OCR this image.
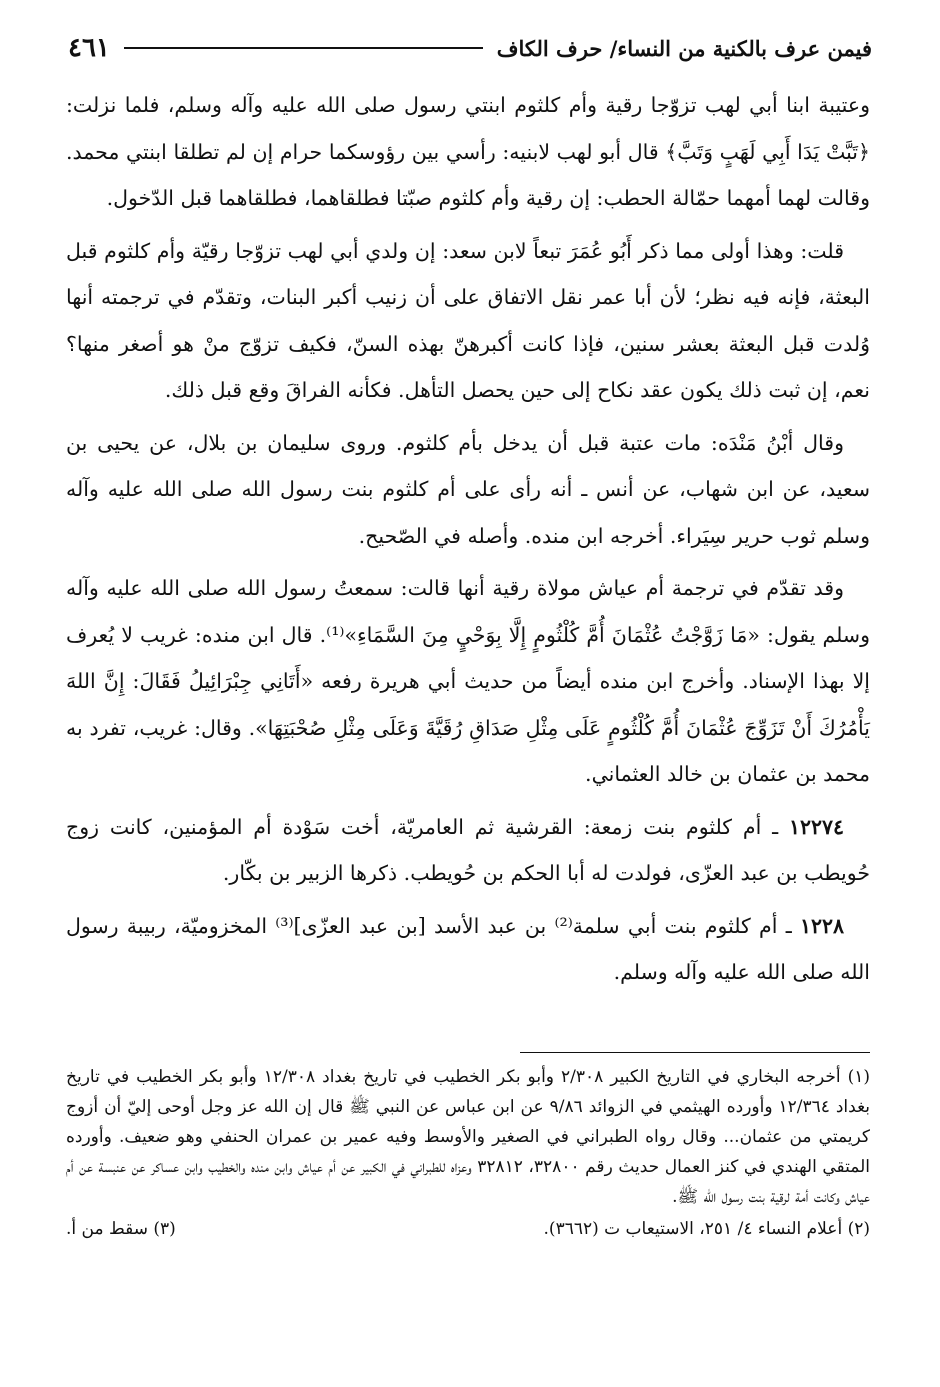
فيمن عرف بالكنية من النساء/ حرف الكاف
٤٦١

وعتيبة ابنا أبي لهب تزوّجا رقية وأم كلثوم ابنتي رسول صلى الله عليه وآله وسلم، فلما نزلت: ﴿تَبَّتْ يَدَا أَبِي لَهَبٍ وَتَبَّ﴾ قال أبو لهب لابنيه: رأسي بين رؤوسكما حرام إن لم تطلقا ابنتي محمد. وقالت لهما أمهما حمّالة الحطب: إن رقية وأم كلثوم صبّتا فطلقاهما، فطلقاهما قبل الدّخول.

قلت: وهذا أولى مما ذكر أَبُو عُمَرَ تبعاً لابن سعد: إن ولدي أبي لهب تزوّجا رقيّة وأم كلثوم قبل البعثة، فإنه فيه نظر؛ لأن أبا عمر نقل الاتفاق على أن زنيب أكبر البنات، وتقدّم في ترجمته أنها وُلدت قبل البعثة بعشر سنين، فإذا كانت أكبرهنّ بهذه السنّ، فكيف تزوّج منْ هو أصغر منها؟ نعم، إن ثبت ذلك يكون عقد نكاح إلى حين يحصل التأهل. فكأنه الفراقَ وقع قبل ذلك.

وقال أبْنُ مَنْدَه: مات عتبة قبل أن يدخل بأم كلثوم. وروى سليمان بن بلال، عن يحيى بن سعيد، عن ابن شهاب، عن أنس ـ أنه رأى على أم كلثوم بنت رسول الله صلى الله عليه وآله وسلم ثوب حرير سِيَراء. أخرجه ابن منده. وأصله في الصّحيح.

وقد تقدّم في ترجمة أم عياش مولاة رقية أنها قالت: سمعتُ رسول الله صلى الله عليه وآله وسلم يقول: «مَا زَوَّجْتُ عُثْمَانَ أُمَّ كُلْثُومٍ إِلَّا بِوَحْيٍ مِنَ السَّمَاءِ»⁽¹⁾. قال ابن منده: غريب لا يُعرف إلا بهذا الإسناد. وأخرج ابن منده أيضاً من حديث أبي هريرة رفعه «أَتَانِي جِبْرَائِيلُ فَقَالَ: إِنَّ اللهَ يَأْمُرُكَ أَنْ تَزَوِّجَ عُثْمَانَ أُمَّ كُلْثُومٍ عَلَى مِثْلِ صَدَاقِ رُقَيَّةَ وَعَلَى مِثْلِ صُحْبَتِهَا». وقال: غريب، تفرد به محمد بن عثمان بن خالد العثماني.

١٢٢٧٤ ـ أم كلثوم بنت زمعة: القرشية ثم العامريّة، أخت سَوْدة أم المؤمنين، كانت زوج حُويطب بن عبد العزّى، فولدت له أبا الحكم بن حُويطب. ذكرها الزبير بن بكّار.

١٢٢٨ ـ أم كلثوم بنت أبي سلمة⁽²⁾ بن عبد الأسد [بن عبد العزّى]⁽³⁾ المخزوميّة، ربيبة رسول الله صلى الله عليه وآله وسلم.

(١) أخرجه البخاري في التاريخ الكبير ٢/٣٠٨ وأبو بكر الخطيب في تاريخ بغداد ١٢/٣٠٨ وأبو بكر الخطيب في تاريخ بغداد ١٢/٣٦٤ وأورده الهيثمي في الزوائد ٩/٨٦ عن ابن عباس عن النبي ﷺ قال إن الله عز وجل أوحى إليّ أن أزوج كريمتي من عثمان... وقال رواه الطبراني في الصغير والأوسط وفيه عمير بن عمران الحنفي وهو ضعيف. وأورده المتقي الهندي في كنز العمال حديث رقم ٣٢٨٠٠، ٣٢٨١٢ وعزاه للطبراني في الكبير عن أم عياش وابن منده والخطيب وابن عساكر عن عنبسة عن أم عياش وكانت أمة لرقية بنت رسول الله ﷺ.

(٢) أعلام النساء ٤/ ٢٥١، الاستيعاب ت (٣٦٦٢).
(٣) سقط من أ.
